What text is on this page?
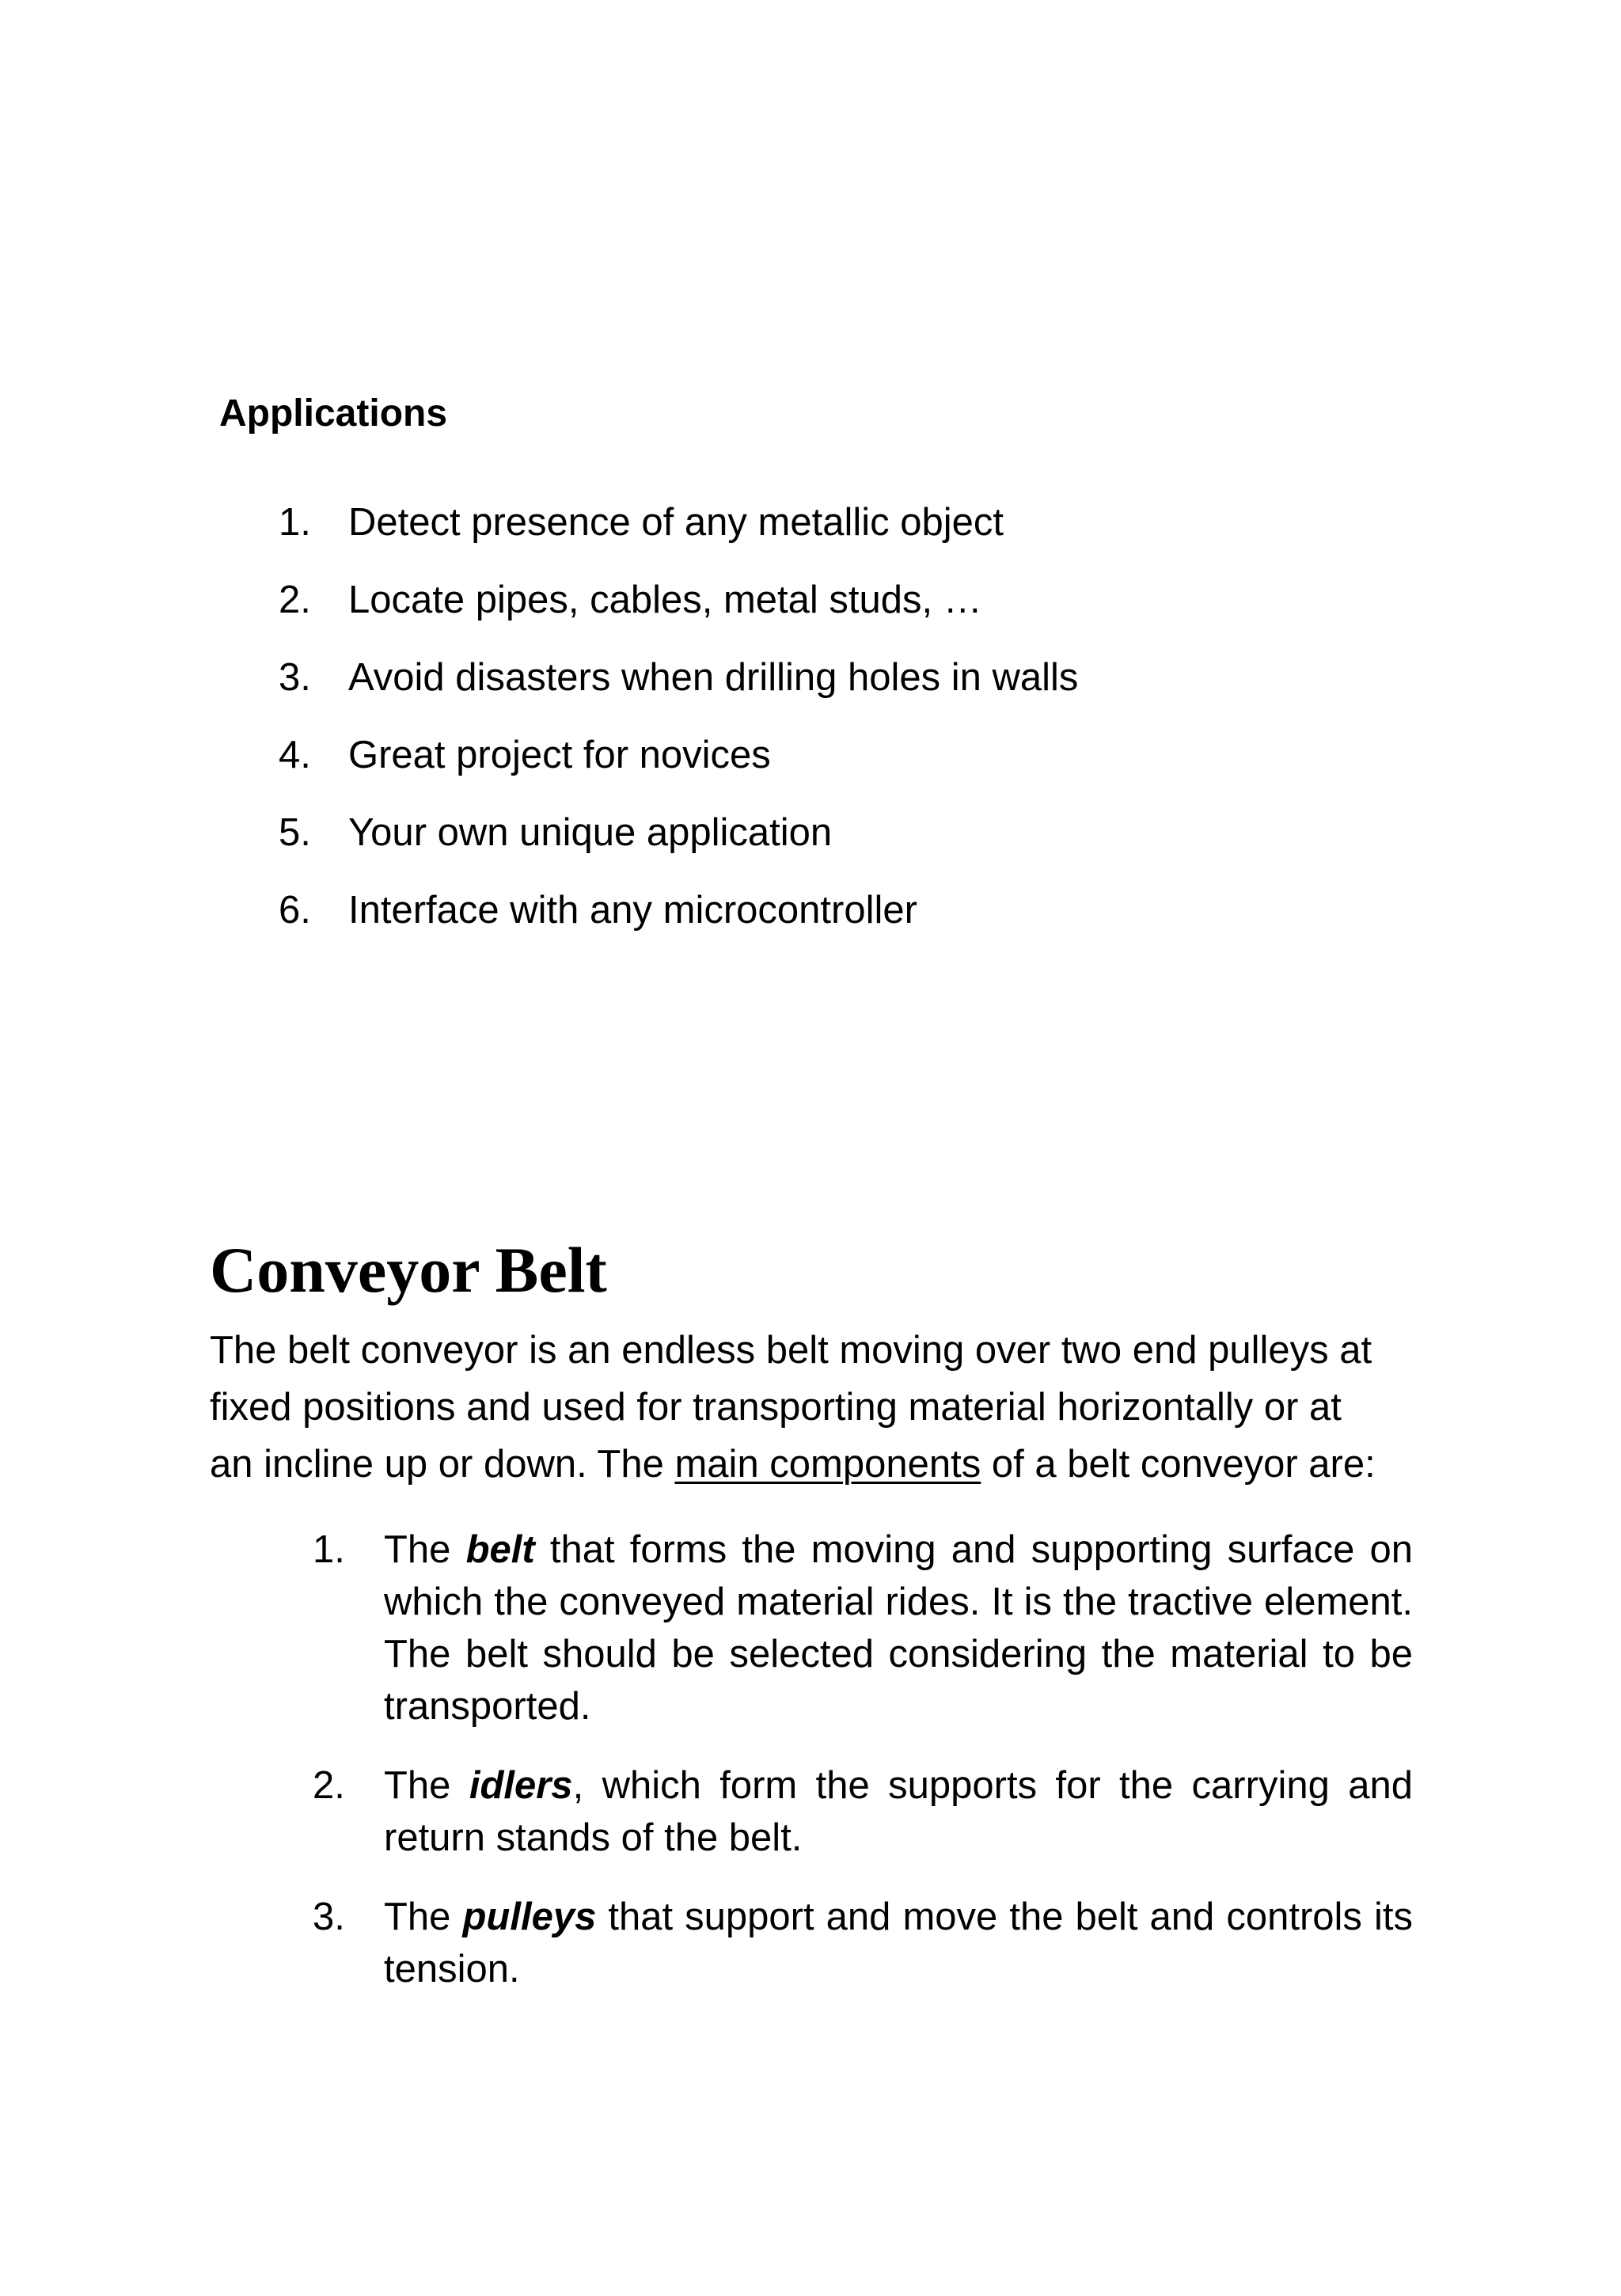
Applications
1. Detect presence of any metallic object
2. Locate pipes, cables, metal studs, …
3. Avoid disasters when drilling holes in walls
4. Great project for novices
5. Your own unique application
6. Interface with any microcontroller
Conveyor Belt

The belt conveyor is an endless belt moving over two end pulleys at
fixed positions and used for transporting material horizontally or at
an incline up or down. The main components of a belt conveyor are:

1. The belt that forms the moving and supporting surface on
which the conveyed material rides. It is the tractive element.
The belt should be selected considering the material to be
transported.
2. The idlers, which form the supports for the carrying and
return stands of the belt.
3. The pulleys that support and move the belt and controls its
tension.
